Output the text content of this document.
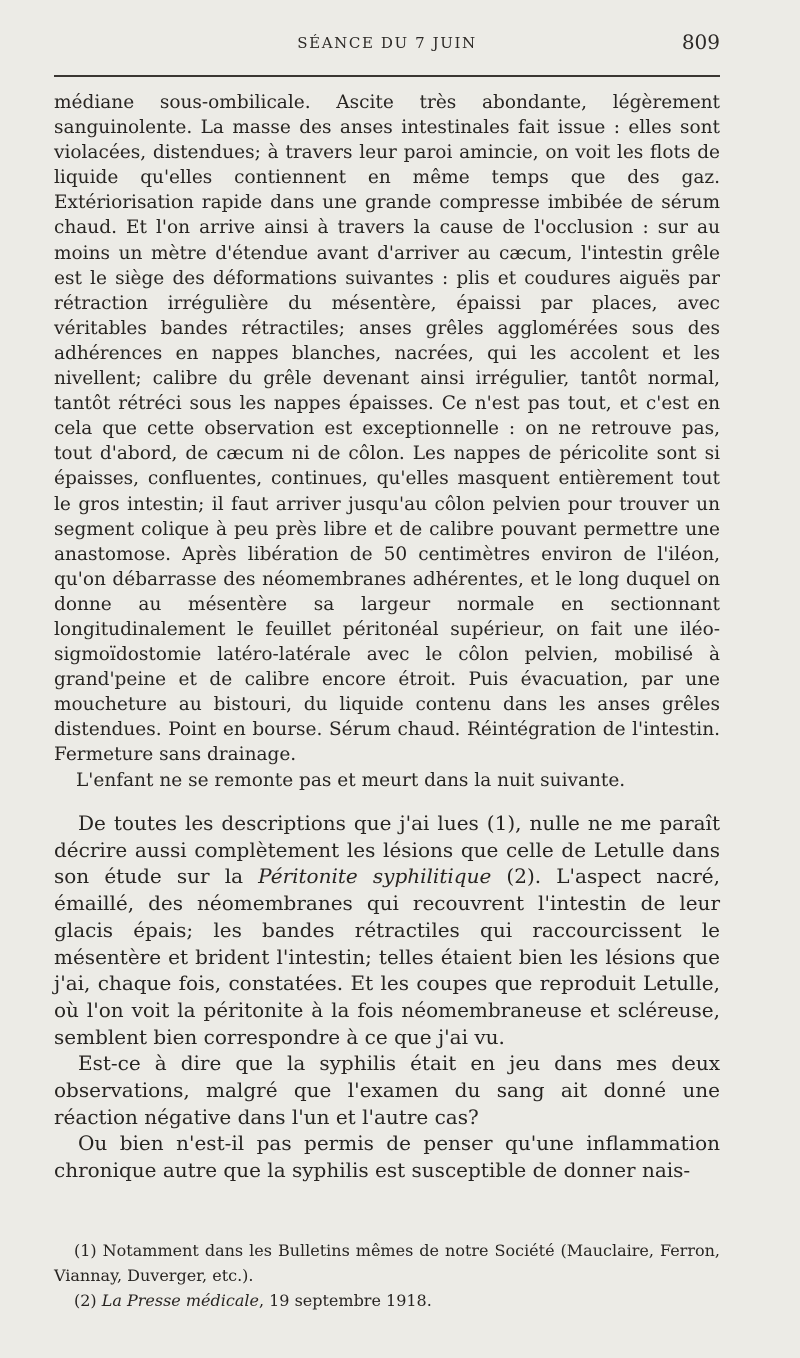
SÉANCE DU 7 JUIN	809

médiane sous-ombilicale. Ascite très abondante, légèrement sanguinolente. La masse des anses intestinales fait issue : elles sont violacées, distendues; à travers leur paroi amincie, on voit les flots de liquide qu'elles contiennent en même temps que des gaz. Extériorisation rapide dans une grande compresse imbibée de sérum chaud. Et l'on arrive ainsi à travers la cause de l'occlusion : sur au moins un mètre d'étendue avant d'arriver au cæcum, l'intestin grêle est le siège des déformations suivantes : plis et coudures aiguës par rétraction irrégulière du mésentère, épaissi par places, avec véritables bandes rétractiles; anses grêles agglomérées sous des adhérences en nappes blanches, nacrées, qui les accolent et les nivellent; calibre du grêle devenant ainsi irrégulier, tantôt normal, tantôt rétréci sous les nappes épaisses. Ce n'est pas tout, et c'est en cela que cette observation est exceptionnelle : on ne retrouve pas, tout d'abord, de cæcum ni de côlon. Les nappes de péricolite sont si épaisses, confluentes, continues, qu'elles masquent entièrement tout le gros intestin; il faut arriver jusqu'au côlon pelvien pour trouver un segment colique à peu près libre et de calibre pouvant permettre une anastomose. Après libération de 50 centimètres environ de l'iléon, qu'on débarrasse des néomembranes adhérentes, et le long duquel on donne au mésentère sa largeur normale en sectionnant longitudinalement le feuillet péritonéal supérieur, on fait une iléo-sigmoïdostomie latéro-latérale avec le côlon pelvien, mobilisé à grand'peine et de calibre encore étroit. Puis évacuation, par une moucheture au bistouri, du liquide contenu dans les anses grêles distendues. Point en bourse. Sérum chaud. Réintégration de l'intestin. Fermeture sans drainage.

L'enfant ne se remonte pas et meurt dans la nuit suivante.

De toutes les descriptions que j'ai lues (1), nulle ne me paraît décrire aussi complètement les lésions que celle de Letulle dans son étude sur la Péritonite syphilitique (2). L'aspect nacré, émaillé, des néomembranes qui recouvrent l'intestin de leur glacis épais; les bandes rétractiles qui raccourcissent le mésentère et brident l'intestin; telles étaient bien les lésions que j'ai, chaque fois, constatées. Et les coupes que reproduit Letulle, où l'on voit la péritonite à la fois néomembraneuse et scléreuse, semblent bien correspondre à ce que j'ai vu.

Est-ce à dire que la syphilis était en jeu dans mes deux observations, malgré que l'examen du sang ait donné une réaction négative dans l'un et l'autre cas?

Ou bien n'est-il pas permis de penser qu'une inflammation chronique autre que la syphilis est susceptible de donner nais-

(1) Notamment dans les Bulletins mêmes de notre Société (Mauclaire, Ferron, Viannay, Duverger, etc.).

(2) La Presse médicale, 19 septembre 1918.
